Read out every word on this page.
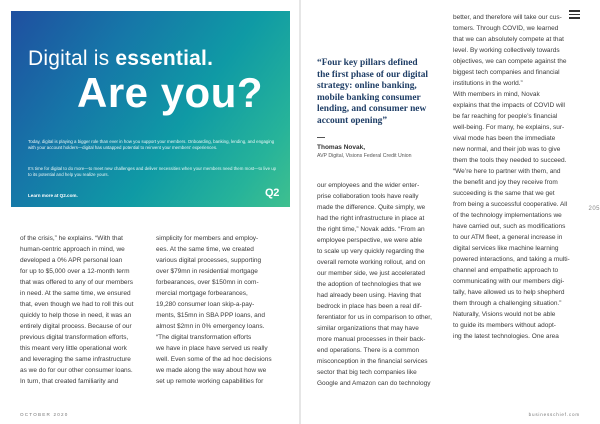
Digital is essential.
Are you?

Today, digital is playing a bigger role than ever in how you support your members. Onboarding, banking, lending, and engaging with your account holders—digital has untapped potential to reinvent your members’ experiences.

It’s time for digital to do more—to meet new challenges and deliver necessities when your members need them most—to live up to its potential and help you realize yours.

Learn more at Q2.com.	Q2
of the crisis,” he explains. “With that
human-centric approach in mind, we
developed a 0% APR personal loan
for up to $5,000 over a 12-month term
that was offered to any of our members
in need. At the same time, we ensured
that, even though we had to roll this out
quickly to help those in need, it was an
entirely digital process. Because of our
previous digital transformation efforts,
this meant very little operational work
and leveraging the same infrastructure
as we do for our other consumer loans.
In turn, that created familiarity and
simplicity for members and employ-
ees. At the same time, we created
various digital processes, supporting
over $79mn in residential mortgage
forbearances, over $150mn in com-
mercial mortgage forbearances,
19,280 consumer loan skip-a-pay-
ments, $15mn in SBA PPP loans, and
almost $2mn in 0% emergency loans.
“The digital transformation efforts
we have in place have served us really
well. Even some of the ad hoc decisions
we made along the way about how we
set up remote working capabilities for
OCTOBER 2020

“Four key pillars defined
the first phase of our digital
strategy: online banking,
mobile banking consumer
lending, and consumer new
account opening”

Thomas Novak,
AVP Digital, Visions Federal Credit Union
our employees and the wider enter-
prise collaboration tools have really
made the difference. Quite simply, we
had the right infrastructure in place at
the right time,” Novak adds. “From an
employee perspective, we were able
to scale up very quickly regarding the
overall remote working rollout, and on
our member side, we just accelerated
the adoption of technologies that we
had already been using. Having that
bedrock in place has been a real dif-
ferentiator for us in comparison to other,
similar organizations that may have
more manual processes in their back-
end operations. There is a common
misconception in the financial services
sector that big tech companies like
Google and Amazon can do technology
better, and therefore will take our cus-
tomers. Through COVID, we learned
that we can absolutely compete at that
level. By working collectively towards
objectives, we can compete against the
biggest tech companies and financial
institutions in the world.”
With members in mind, Novak
explains that the impacts of COVID will
be far reaching for people’s financial
well-being. For many, he explains, sur-
vival mode has been the immediate
new normal, and their job was to give
them the tools they needed to succeed.
“We’re here to partner with them, and
the benefit and joy they receive from
succeeding is the same that we get
from being a successful cooperative. All
of the technology implementations we
have carried out, such as modifications
to our ATM fleet, a general increase in
digital services like machine learning
powered interactions, and taking a multi-
channel and empathetic approach to
communicating with our members digi-
tally, have allowed us to help shepherd
them through a challenging situation.”
Naturally, Visions would not be able
to guide its members without adopt-
ing the latest technologies. One area
205
businesschief.com
